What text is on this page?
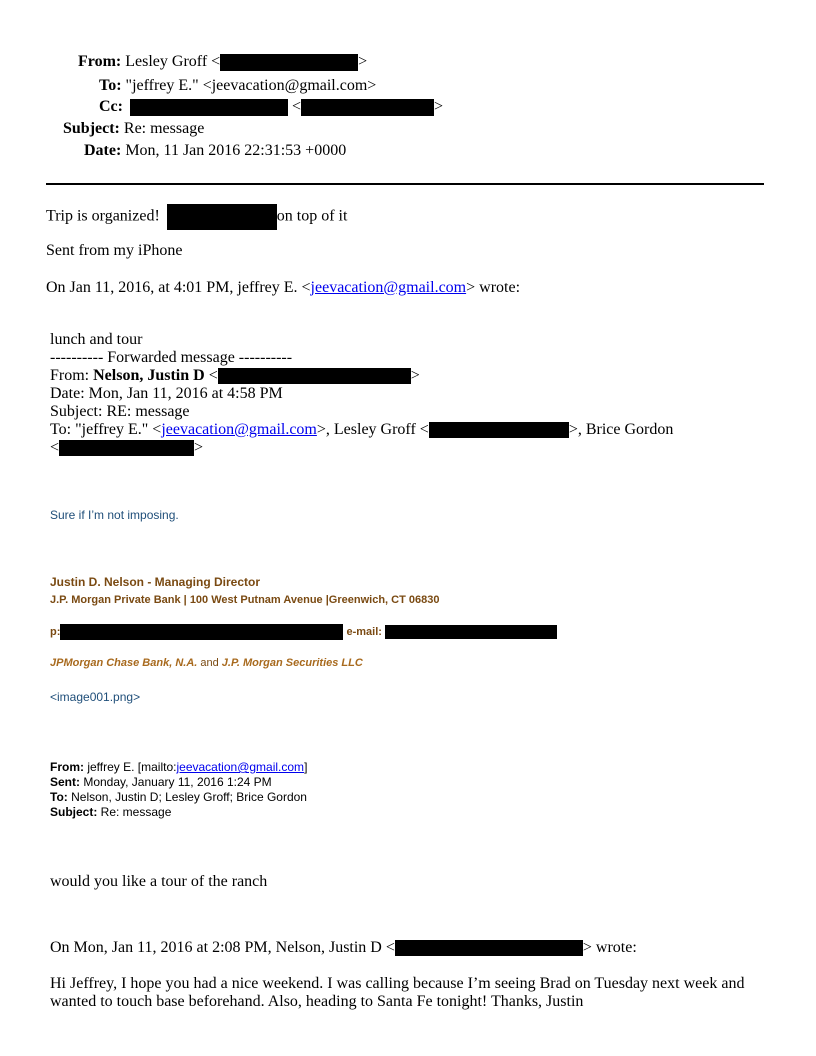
From: Lesley Groff <	>
To: "jeffrey E." <jeevacation@gmail.com>
Cc:	<	>
Subject: Re: message
Date: Mon, 11 Jan 2016 22:31:53 +0000
Trip is organized!	on top of it
Sent from my iPhone
On Jan 11, 2016, at 4:01 PM, jeffrey E. <jeevacation@gmail.com> wrote:
lunch and tour
---------- Forwarded message ----------
From: Nelson, Justin D <	>
Date: Mon, Jan 11, 2016 at 4:58 PM
Subject: RE: message
To: "jeffrey E." <jeevacation@gmail.com>, Lesley Groff <	>, Brice Gordon
<	>
Sure if I’m not imposing.
Justin D. Nelson - Managing Director
J.P. Morgan Private Bank | 100 West Putnam Avenue |Greenwich, CT 06830
p:	e-mail:
JPMorgan Chase Bank, N.A. and J.P. Morgan Securities LLC
<image001.png>
From: jeffrey E. [mailto:jeevacation@gmail.com]
Sent: Monday, January 11, 2016 1:24 PM
To: Nelson, Justin D; Lesley Groff; Brice Gordon
Subject: Re: message
would you like a tour of the ranch
On Mon, Jan 11, 2016 at 2:08 PM, Nelson, Justin D <	> wrote:
Hi Jeffrey, I hope you had a nice weekend. I was calling because I’m seeing Brad on Tuesday next week and
wanted to touch base beforehand. Also, heading to Santa Fe tonight! Thanks, Justin
